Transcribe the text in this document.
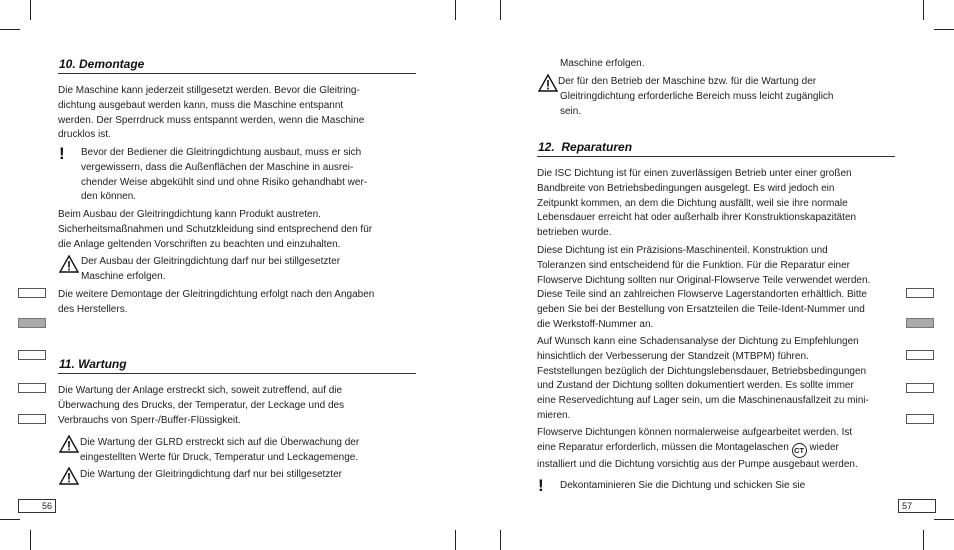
10. Demontage
Die Maschine kann jederzeit stillgesetzt werden. Bevor die Gleitring-
dichtung ausgebaut werden kann, muss die Maschine entspannt
werden. Der Sperrdruck muss entspannt werden, wenn die Maschine
drucklos ist.
! Bevor der Bediener die Gleitringdichtung ausbaut, muss er sich
vergewissern, dass die Außenflächen der Maschine in ausrei-
chender Weise abgekühlt sind und ohne Risiko gehandhabt wer-
den können.
Beim Ausbau der Gleitringdichtung kann Produkt austreten.
Sicherheitsmaßnahmen und Schutzkleidung sind entsprechend den für
die Anlage geltenden Vorschriften zu beachten und einzuhalten.
Der Ausbau der Gleitringdichtung darf nur bei stillgesetzter
Maschine erfolgen.
Die weitere Demontage der Gleitringdichtung erfolgt nach den Angaben
des Herstellers.
11. Wartung
Die Wartung der Anlage erstreckt sich, soweit zutreffend, auf die
Überwachung des Drucks, der Temperatur, der Leckage und des
Verbrauchs von Sperr-/Buffer-Flüssigkeit.
Die Wartung der GLRD erstreckt sich auf die Überwachung der
eingestellten Werte für Druck, Temperatur und Leckagemenge.
Die Wartung der Gleitringdichtung darf nur bei stillgesetzter
56
Maschine erfolgen.
Der für den Betrieb der Maschine bzw. für die Wartung der
Gleitringdichtung erforderliche Bereich muss leicht zugänglich
sein.
12.  Reparaturen
Die ISC Dichtung ist für einen zuverlässigen Betrieb unter einer großen
Bandbreite von Betriebsbedingungen ausgelegt. Es wird jedoch ein
Zeitpunkt kommen, an dem die Dichtung ausfällt, weil sie ihre normale
Lebensdauer erreicht hat oder außerhalb ihrer Konstruktionskapazitäten
betrieben wurde.
Diese Dichtung ist ein Präzisions-Maschinenteil. Konstruktion und
Toleranzen sind entscheidend für die Funktion. Für die Reparatur einer
Flowserve Dichtung sollten nur Original-Flowserve Teile verwendet werden.
Diese Teile sind an zahlreichen Flowserve Lagerstandorten erhältlich. Bitte
geben Sie bei der Bestellung von Ersatzteilen die Teile-Ident-Nummer und
die Werkstoff-Nummer an.
Auf Wunsch kann eine Schadensanalyse der Dichtung zu Empfehlungen
hinsichtlich der Verbesserung der Standzeit (MTBPM) führen.
Feststellungen bezüglich der Dichtungslebensdauer, Betriebsbedingungen
und Zustand der Dichtung sollten dokumentiert werden. Es sollte immer
eine Reservedichtung auf Lager sein, um die Maschinenausfallzeit zu mini-
mieren.
Flowserve Dichtungen können normalerweise aufgearbeitet werden. Ist
eine Reparatur erforderlich, müssen die Montagelaschen CT wieder
installiert und die Dichtung vorsichtig aus der Pumpe ausgebaut werden.
! Dekontaminieren Sie die Dichtung und schicken Sie sie
57
